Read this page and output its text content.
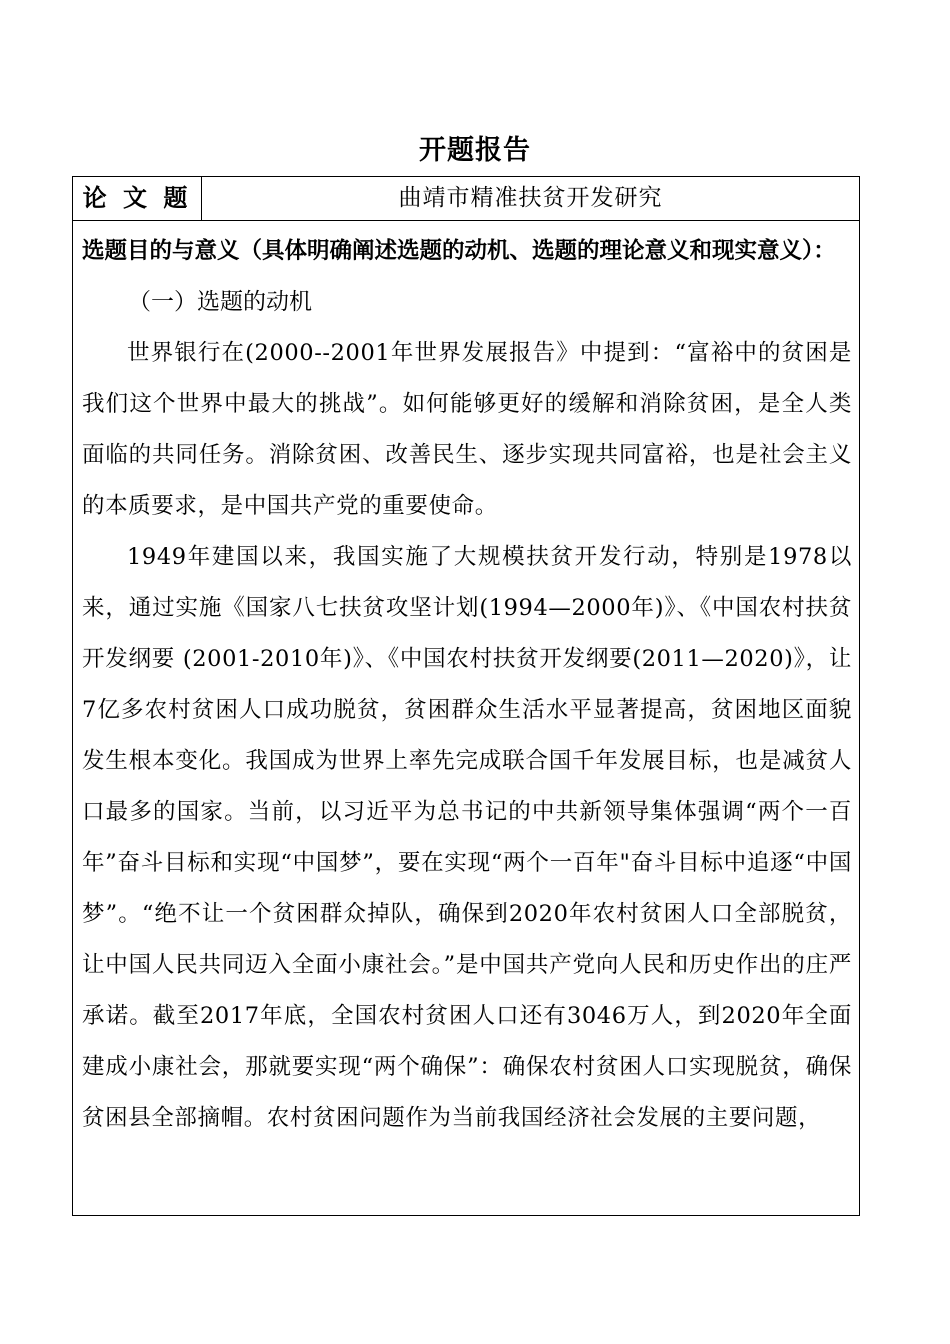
开题报告
论 文 题	曲靖市精准扶贫开发研究

选题目的与意义（具体明确阐述选题的动机、选题的理论意义和现实意义）：

（一）选题的动机

世界银行在(2000--2001年世界发展报告》中提到：“富裕中的贫困是我们这个世界中最大的挑战”。如何能够更好的缓解和消除贫困，是全人类面临的共同任务。消除贫困、改善民生、逐步实现共同富裕，也是社会主义的本质要求，是中国共产党的重要使命。

1949年建国以来，我国实施了大规模扶贫开发行动，特别是1978以来，通过实施《国家八七扶贫攻坚计划(1994—2000年)》、《中国农村扶贫开发纲要 (2001-2010年)》、《中国农村扶贫开发纲要(2011—2020)》，让7亿多农村贫困人口成功脱贫，贫困群众生活水平显著提高，贫困地区面貌发生根本变化。我国成为世界上率先完成联合国千年发展目标，也是减贫人口最多的国家。当前，以习近平为总书记的中共新领导集体强调“两个一百年”奋斗目标和实现“中国梦”，要在实现“两个一百年"奋斗目标中追逐“中国梦”。“绝不让一个贫困群众掉队，确保到2020年农村贫困人口全部脱贫，让中国人民共同迈入全面小康社会。”是中国共产党向人民和历史作出的庄严承诺。截至2017年底，全国农村贫困人口还有3046万人，到2020年全面建成小康社会，那就要实现“两个确保”：确保农村贫困人口实现脱贫，确保贫困县全部摘帽。农村贫困问题作为当前我国经济社会发展的主要问题，
